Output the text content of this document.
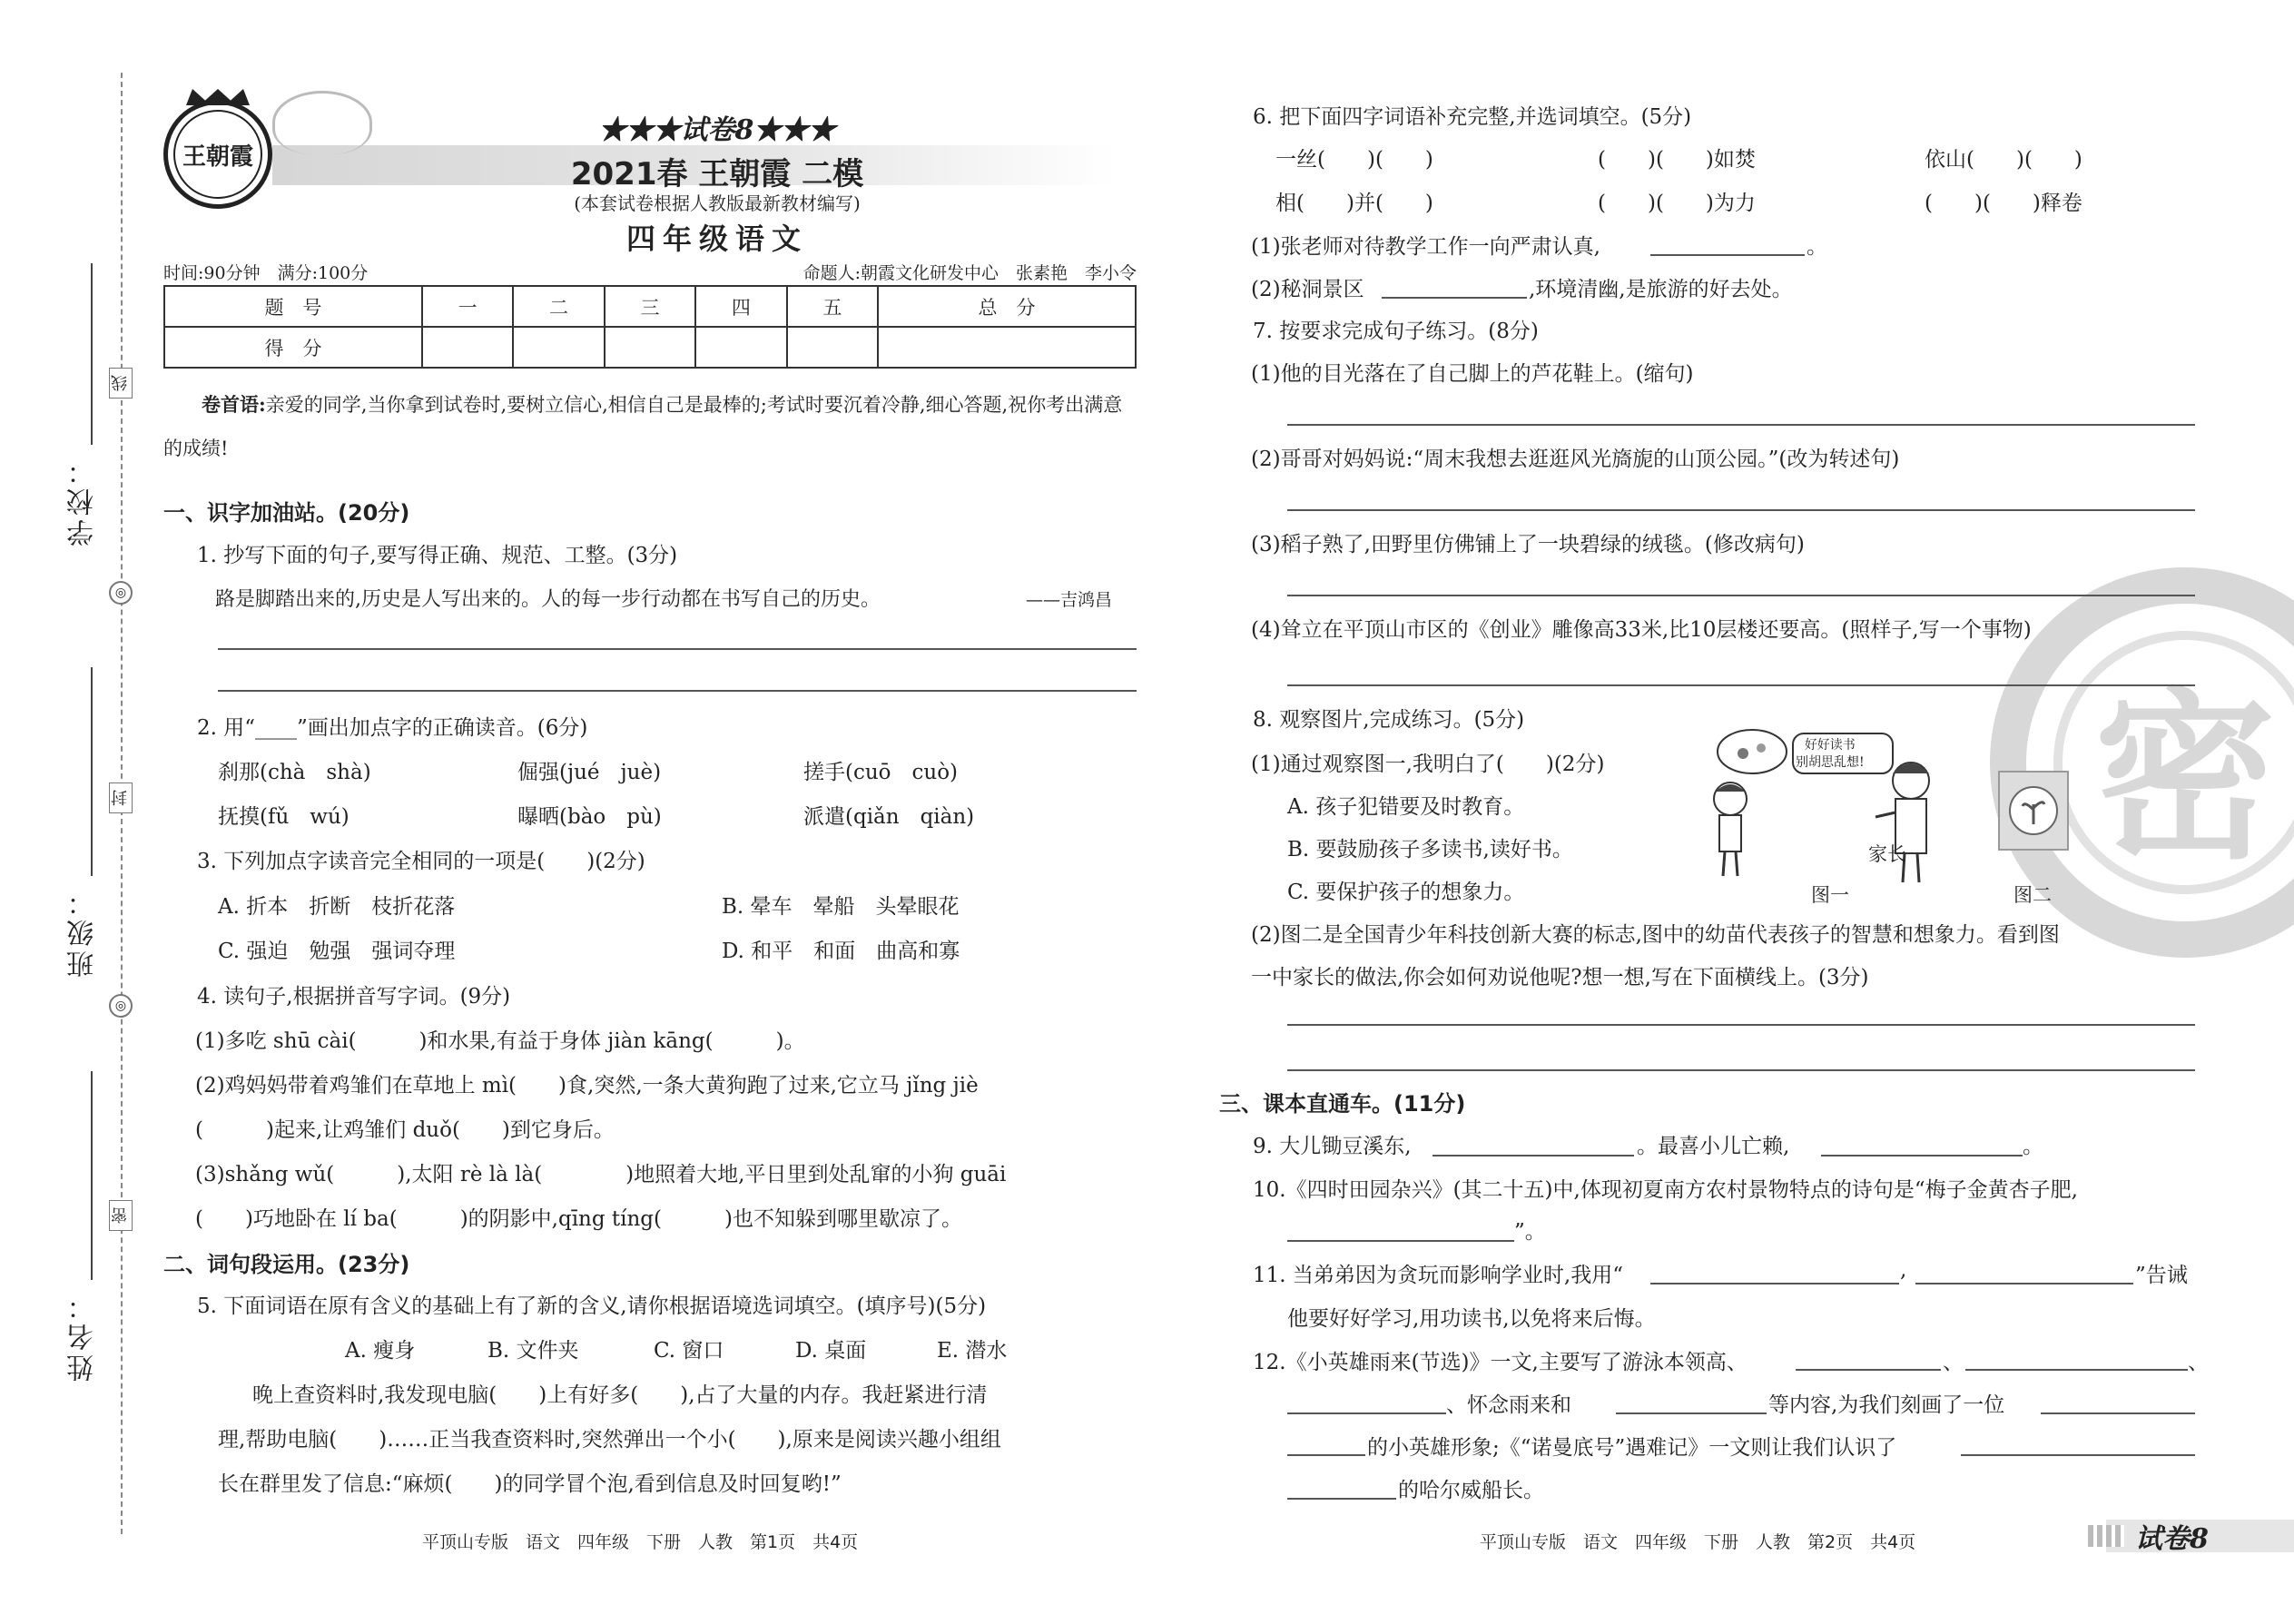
学校：
班级：
姓名：
线
◎
封
◎
密
王朝霞
★★★试卷8★★★
2021春 王朝霞 二模
(本套试卷根据人教版最新教材编写)
四年级语文
时间:90分钟　满分:100分	命题人:朝霞文化研发中心　张素艳　李小令
题　号	一	二	三	四	五	总　分
得　分						
卷首语:亲爱的同学,当你拿到试卷时,要树立信心,相信自己是最棒的;考试时要沉着冷静,细心答题,祝你考出满意的成绩!
一、识字加油站。(20分)
1. 抄写下面的句子,要写得正确、规范、工整。(3分)
路是脚踏出来的,历史是人写出来的。人的每一步行动都在书写自己的历史。	——吉鸿昌
2. 用“____”画出加点字的正确读音。(6分)
刹那(chà　shà)	倔强(jué　juè)	搓手(cuō　cuò)
抚摸(fǔ　wú)	曝晒(bào　pù)	派遣(qiǎn　qiàn)
3. 下列加点字读音完全相同的一项是(　　)(2分)
A. 折本　折断　枝折花落	B. 晕车　晕船　头晕眼花
C. 强迫　勉强　强词夺理	D. 和平　和面　曲高和寡
4. 读句子,根据拼音写字词。(9分)
(1)多吃 shū cài(　　　)和水果,有益于身体 jiàn kāng(　　　)。
(2)鸡妈妈带着鸡雏们在草地上 mì(　　)食,突然,一条大黄狗跑了过来,它立马 jǐng jiè
(　　　)起来,让鸡雏们 duǒ(　　)到它身后。
(3)shǎng wǔ(　　　),太阳 rè là là(　　　　)地照着大地,平日里到处乱窜的小狗 guāi
(　　)巧地卧在 lí ba(　　　)的阴影中,qīng tíng(　　　)也不知躲到哪里歇凉了。
二、词句段运用。(23分)
5. 下面词语在原有含义的基础上有了新的含义,请你根据语境选词填空。(填序号)(5分)
A. 瘦身	B. 文件夹	C. 窗口	D. 桌面	E. 潜水
晚上查资料时,我发现电脑(　　)上有好多(　　),占了大量的内存。我赶紧进行清
理,帮助电脑(　　)……正当我查资料时,突然弹出一个小(　　),原来是阅读兴趣小组组
长在群里发了信息:“麻烦(　　)的同学冒个泡,看到信息及时回复哟!”
平顶山专版　语文　四年级　下册　人教　第1页　共4页
密
6. 把下面四字词语补充完整,并选词填空。(5分)
一丝(　　)(　　)	(　　)(　　)如焚	依山(　　)(　　)
相(　　)并(　　)	(　　)(　　)为力	(　　)(　　)释卷
(1)张老师对待教学工作一向严肃认真,	。
(2)秘洞景区	,环境清幽,是旅游的好去处。
7. 按要求完成句子练习。(8分)
(1)他的目光落在了自己脚上的芦花鞋上。(缩句)
(2)哥哥对妈妈说:“周末我想去逛逛风光旖旎的山顶公园。”(改为转述句)
(3)稻子熟了,田野里仿佛铺上了一块碧绿的绒毯。(修改病句)
(4)耸立在平顶山市区的《创业》雕像高33米,比10层楼还要高。(照样子,写一个事物)
8. 观察图片,完成练习。(5分)
(1)通过观察图一,我明白了(　　)(2分)
A. 孩子犯错要及时教育。
B. 要鼓励孩子多读书,读好书。
C. 要保护孩子的想象力。
好好读书
别胡思乱想!
家长
图一	图二
(2)图二是全国青少年科技创新大赛的标志,图中的幼苗代表孩子的智慧和想象力。看到图
一中家长的做法,你会如何劝说他呢?想一想,写在下面横线上。(3分)
三、课本直通车。(11分)
9. 大儿锄豆溪东,	。最喜小儿亡赖,	。
10.《四时田园杂兴》(其二十五)中,体现初夏南方农村景物特点的诗句是“梅子金黄杏子肥,
”。
11. 当弟弟因为贪玩而影响学业时,我用“	,	”告诫
他要好好学习,用功读书,以免将来后悔。
12.《小英雄雨来(节选)》一文,主要写了游泳本领高、	、	、
、怀念雨来和	等内容,为我们刻画了一位
的小英雄形象;《“诺曼底号”遇难记》一文则让我们认识了
的哈尔威船长。
平顶山专版　语文　四年级　下册　人教　第2页　共4页	试卷8
